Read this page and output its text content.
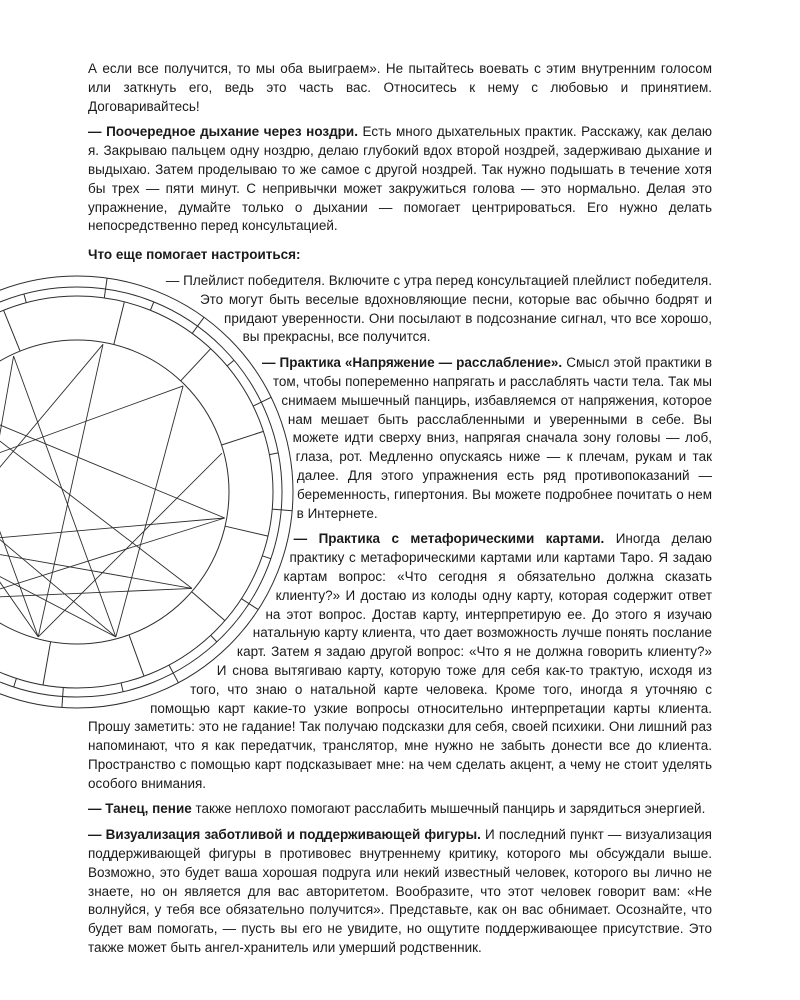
А если все получится, то мы оба выиграем». Не пытайтесь воевать с этим внутренним голосом или заткнуть его, ведь это часть вас. Относитесь к нему с любовью и принятием. Договаривайтесь!

— Поочередное дыхание через ноздри. Есть много дыхательных практик. Расскажу, как делаю я. Закрываю пальцем одну ноздрю, делаю глубокий вдох второй ноздрей, задерживаю дыхание и выдыхаю. Затем проделываю то же самое с другой ноздрей. Так нужно подышать в течение хотя бы трех — пяти минут. С непривычки может закружиться голова — это нормально. Делая это упражнение, думайте только о дыхании — помогает центрироваться. Его нужно делать непосредственно перед консультацией.

Что еще помогает настроиться:

— Плейлист победителя. Включите с утра перед консультацией плейлист победителя. Это могут быть веселые вдохновляющие песни, которые вас обычно бодрят и придают уверенности. Они посылают в подсознание сигнал, что все хорошо, вы прекрасны, все получится.

— Практика «Напряжение — расслабление». Смысл этой практики в том, чтобы попеременно напрягать и расслаблять части тела. Так мы снимаем мышечный панцирь, избавляемся от напряжения, которое нам мешает быть расслабленными и уверенными в себе. Вы можете идти сверху вниз, напрягая сначала зону головы — лоб, глаза, рот. Медленно опускаясь ниже — к плечам, рукам и так далее. Для этого упражнения есть ряд противопоказаний — беременность, гипертония. Вы можете подробнее почитать о нем в Интернете.

— Практика с метафорическими картами. Иногда делаю практику с метафорическими картами или картами Таро. Я задаю картам вопрос: «Что сегодня я обязательно должна сказать клиенту?» И достаю из колоды одну карту, которая содержит ответ на этот вопрос. Достав карту, интерпретирую ее. До этого я изучаю натальную карту клиента, что дает возможность лучше понять послание карт. Затем я задаю другой вопрос: «Что я не должна говорить клиенту?» И снова вытягиваю карту, которую тоже для себя как-то трактую, исходя из того, что знаю о натальной карте человека. Кроме того, иногда я уточняю с помощью карт какие-то узкие вопросы относительно интерпретации карты клиента. Прошу заметить: это не гадание! Так получаю подсказки для себя, своей психики. Они лишний раз напоминают, что я как передатчик, транслятор, мне нужно не забыть донести все до клиента. Пространство с помощью карт подсказывает мне: на чем сделать акцент, а чему не стоит уделять особого внимания.

— Танец, пение также неплохо помогают расслабить мышечный панцирь и зарядиться энергией.

— Визуализация заботливой и поддерживающей фигуры. И последний пункт — визуализация поддерживающей фигуры в противовес внутреннему критику, которого мы обсуждали выше. Возможно, это будет ваша хорошая подруга или некий известный человек, которого вы лично не знаете, но он является для вас авторитетом. Вообразите, что этот человек говорит вам: «Не волнуйся, у тебя все обязательно получится». Представьте, как он вас обнимает. Осознайте, что будет вам помогать, — пусть вы его не увидите, но ощутите поддерживающее присутствие. Это также может быть ангел-хранитель или умерший родственник.
